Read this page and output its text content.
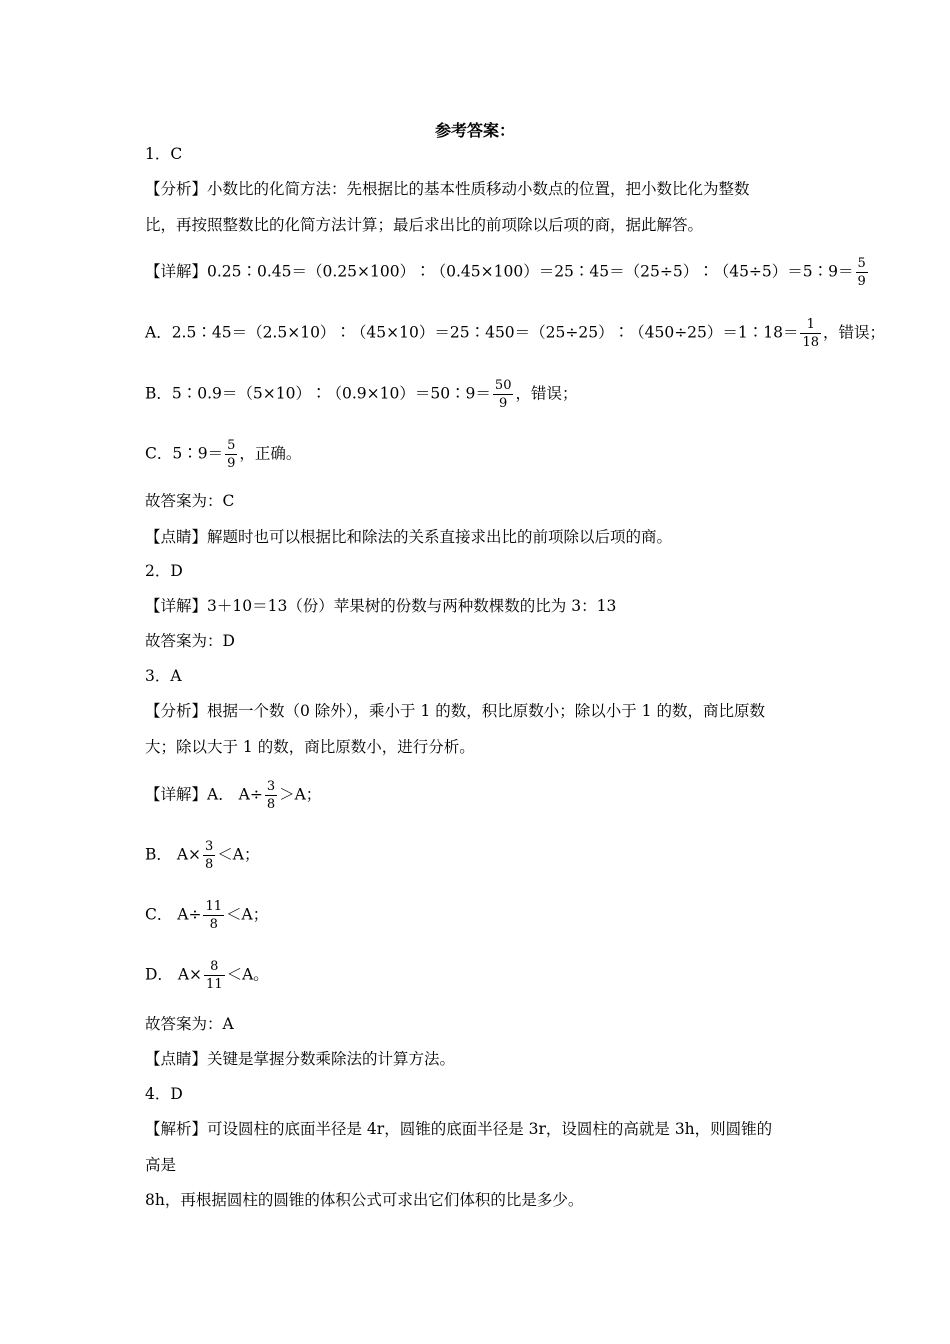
参考答案：
1．C
【分析】小数比的化简方法：先根据比的基本性质移动小数点的位置，把小数比化为整数
比，再按照整数比的化简方法计算；最后求出比的前项除以后项的商，据此解答。
【详解】0.25∶0.45＝（0.25×100）∶（0.45×100）＝25∶45＝（25÷5）∶（45÷5）＝5∶9＝ $\frac{5}{9}$
A．2.5∶45＝（2.5×10）∶（45×10）＝25∶450＝（25÷25）∶（450÷25）＝1∶18＝ $\frac{1}{18}$ ，错误；
B．5∶0.9＝（5×10）∶（0.9×10）＝50∶9＝ $\frac{50}{9}$ ，错误；
C．5∶9＝ $\frac{5}{9}$ ，正确。
故答案为：C
【点睛】解题时也可以根据比和除法的关系直接求出比的前项除以后项的商。
2．D
【详解】3＋10＝13（份）苹果树的份数与两种数棵数的比为 3：13
故答案为：D
3．A
【分析】根据一个数（0 除外），乘小于 1 的数，积比原数小；除以小于 1 的数，商比原数
大；除以大于 1 的数，商比原数小，进行分析。
【详解】A． $A\div \frac{3}{8} >A$；
B． $A\times \frac{3}{8} <A$；
C． $A\div \frac{11}{8} <A$；
D． $A\times \frac{8}{11} <A$。
故答案为：A
【点睛】关键是掌握分数乘除法的计算方法。
4．D
【解析】可设圆柱的底面半径是 4r，圆锥的底面半径是 3r，设圆柱的高就是 3h，则圆锥的
高是
8h，再根据圆柱的圆锥的体积公式可求出它们体积的比是多少。
